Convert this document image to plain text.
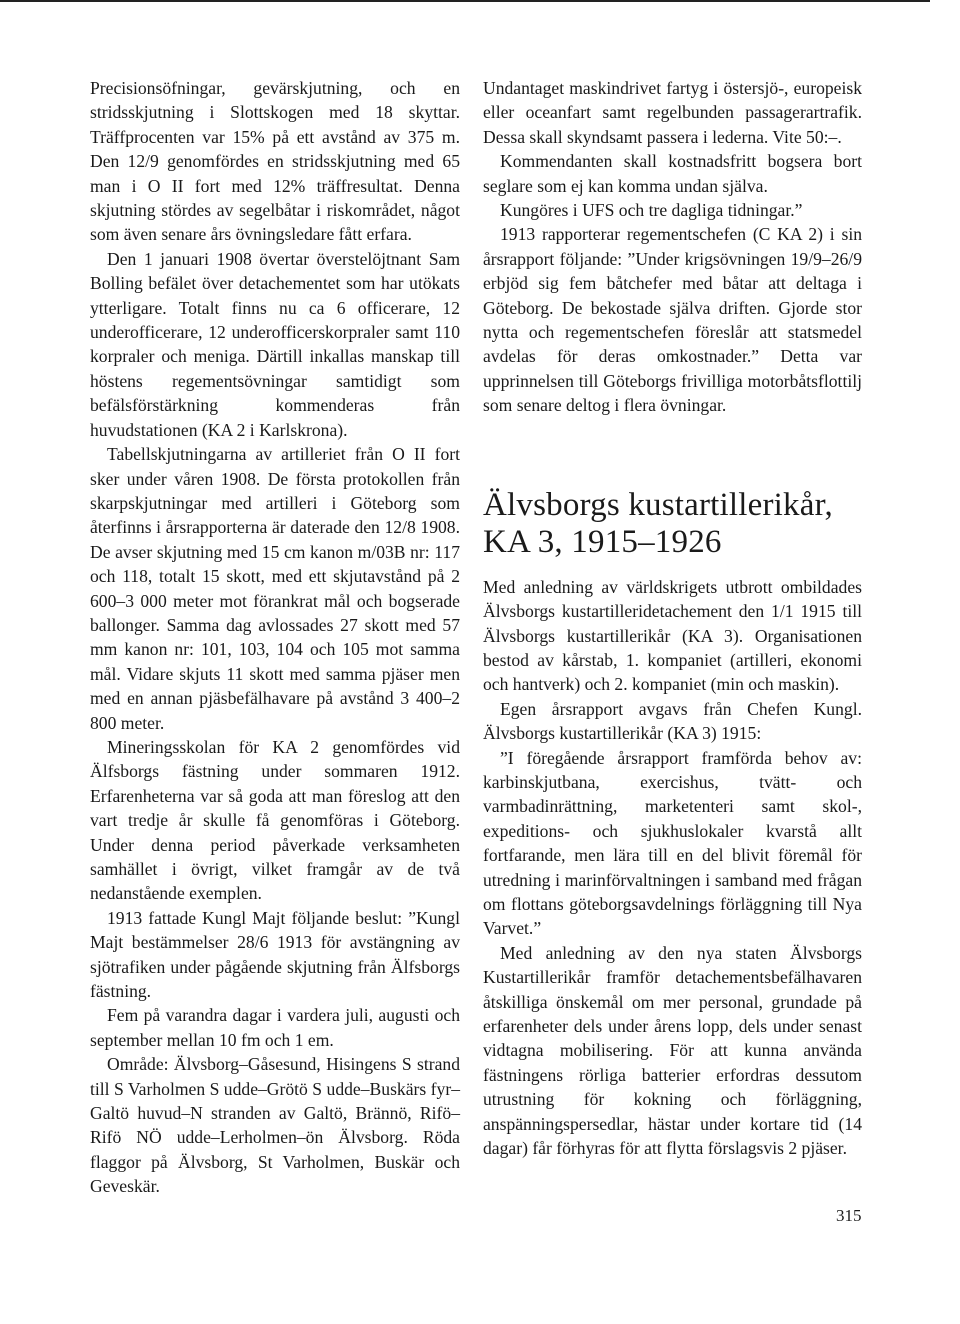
Precisionsöfningar, gevärskjutning, och en stridsskjutning i Slottskogen med 18 skyttar. Träffprocenten var 15% på ett avstånd av 375 m. Den 12/9 genomfördes en stridsskjutning med 65 man i O II fort med 12% träffresultat. Denna skjutning stördes av segelbåtar i riskområdet, något som även senare års övningsledare fått erfara.

Den 1 januari 1908 övertar överstelöjtnant Sam Bolling befälet över detachementet som har utökats ytterligare. Totalt finns nu ca 6 officerare, 12 underofficerare, 12 underofficerskorpraler samt 110 korpraler och meniga. Därtill inkallas manskap till höstens regementsövningar samtidigt som befälsförstärkning kommenderas från huvudstationen (KA 2 i Karlskrona).

Tabellskjutningarna av artilleriet från O II fort sker under våren 1908. De första protokollen från skarpskjutningar med artilleri i Göteborg som återfinns i årsrapporterna är daterade den 12/8 1908. De avser skjutning med 15 cm kanon m/03B nr: 117 och 118, totalt 15 skott, med ett skjutavstånd på 2 600–3 000 meter mot förankrat mål och bogserade ballonger. Samma dag avlossades 27 skott med 57 mm kanon nr: 101, 103, 104 och 105 mot samma mål. Vidare skjuts 11 skott med samma pjäser men med en annan pjäsbefälhavare på avstånd 3 400–2 800 meter.

Mineringsskolan för KA 2 genomfördes vid Älfsborgs fästning under sommaren 1912. Erfarenheterna var så goda att man föreslog att den vart tredje år skulle få genomföras i Göteborg. Under denna period påverkade verksamheten samhället i övrigt, vilket framgår av de två nedanstående exemplen.

1913 fattade Kungl Majt följande beslut: ”Kungl Majt bestämmelser 28/6 1913 för avstängning av sjötrafiken under pågående skjutning från Älfsborgs fästning.

Fem på varandra dagar i vardera juli, augusti och september mellan 10 fm och 1 em.

Område: Älvsborg–Gåsesund, Hisingens S strand till S Varholmen S udde–Grötö S udde–Buskärs fyr–Galtö huvud–N stranden av Galtö, Brännö, Rifö–Rifö NÖ udde–Lerholmen–ön Älvsborg. Röda flaggor på Älvsborg, St Varholmen, Buskär och Geveskär.

Undantaget maskindrivet fartyg i östersjö-, europeisk eller oceanfart samt regelbunden passagerartrafik. Dessa skall skyndsamt passera i lederna. Vite 50:–.

Kommendanten skall kostnadsfritt bogsera bort seglare som ej kan komma undan själva.

Kungöres i UFS och tre dagliga tidningar.”

1913 rapporterar regementschefen (C KA 2) i sin årsrapport följande: ”Under krigsövningen 19/9–26/9 erbjöd sig fem båtchefer med båtar att deltaga i Göteborg. De bekostade själva driften. Gjorde stor nytta och regementschefen föreslår att statsmedel avdelas för deras omkostnader.” Detta var upprinnelsen till Göteborgs frivilliga motorbåtsflottilj som senare deltog i flera övningar.

Älvsborgs kustartillerikår, KA 3, 1915–1926

Med anledning av världskrigets utbrott ombildades Älvsborgs kustartilleridetachement den 1/1 1915 till Älvsborgs kustartillerikår (KA 3). Organisationen bestod av kårstab, 1. kompaniet (artilleri, ekonomi och hantverk) och 2. kompaniet (min och maskin).

Egen årsrapport avgavs från Chefen Kungl. Älvsborgs kustartillerikår (KA 3) 1915:

”I föregående årsrapport framförda behov av: karbinskjutbana, exercishus, tvätt- och varmbadinrättning, marketenteri samt skol-, expeditions- och sjukhuslokaler kvarstå allt fortfarande, men lära till en del blivit föremål för utredning i marinförvaltningen i samband med frågan om flottans göteborgsavdelnings förläggning till Nya Varvet.”

Med anledning av den nya staten Älvsborgs Kustartillerikår framför detachementsbefälhavaren åtskilliga önskemål om mer personal, grundade på erfarenheter dels under årens lopp, dels under senast vidtagna mobilisering. För att kunna använda fästningens rörliga batterier erfordras dessutom utrustning för kokning och förläggning, anspänningspersedlar, hästar under kortare tid (14 dagar) får förhyras för att flytta förslagsvis 2 pjäser.

315
